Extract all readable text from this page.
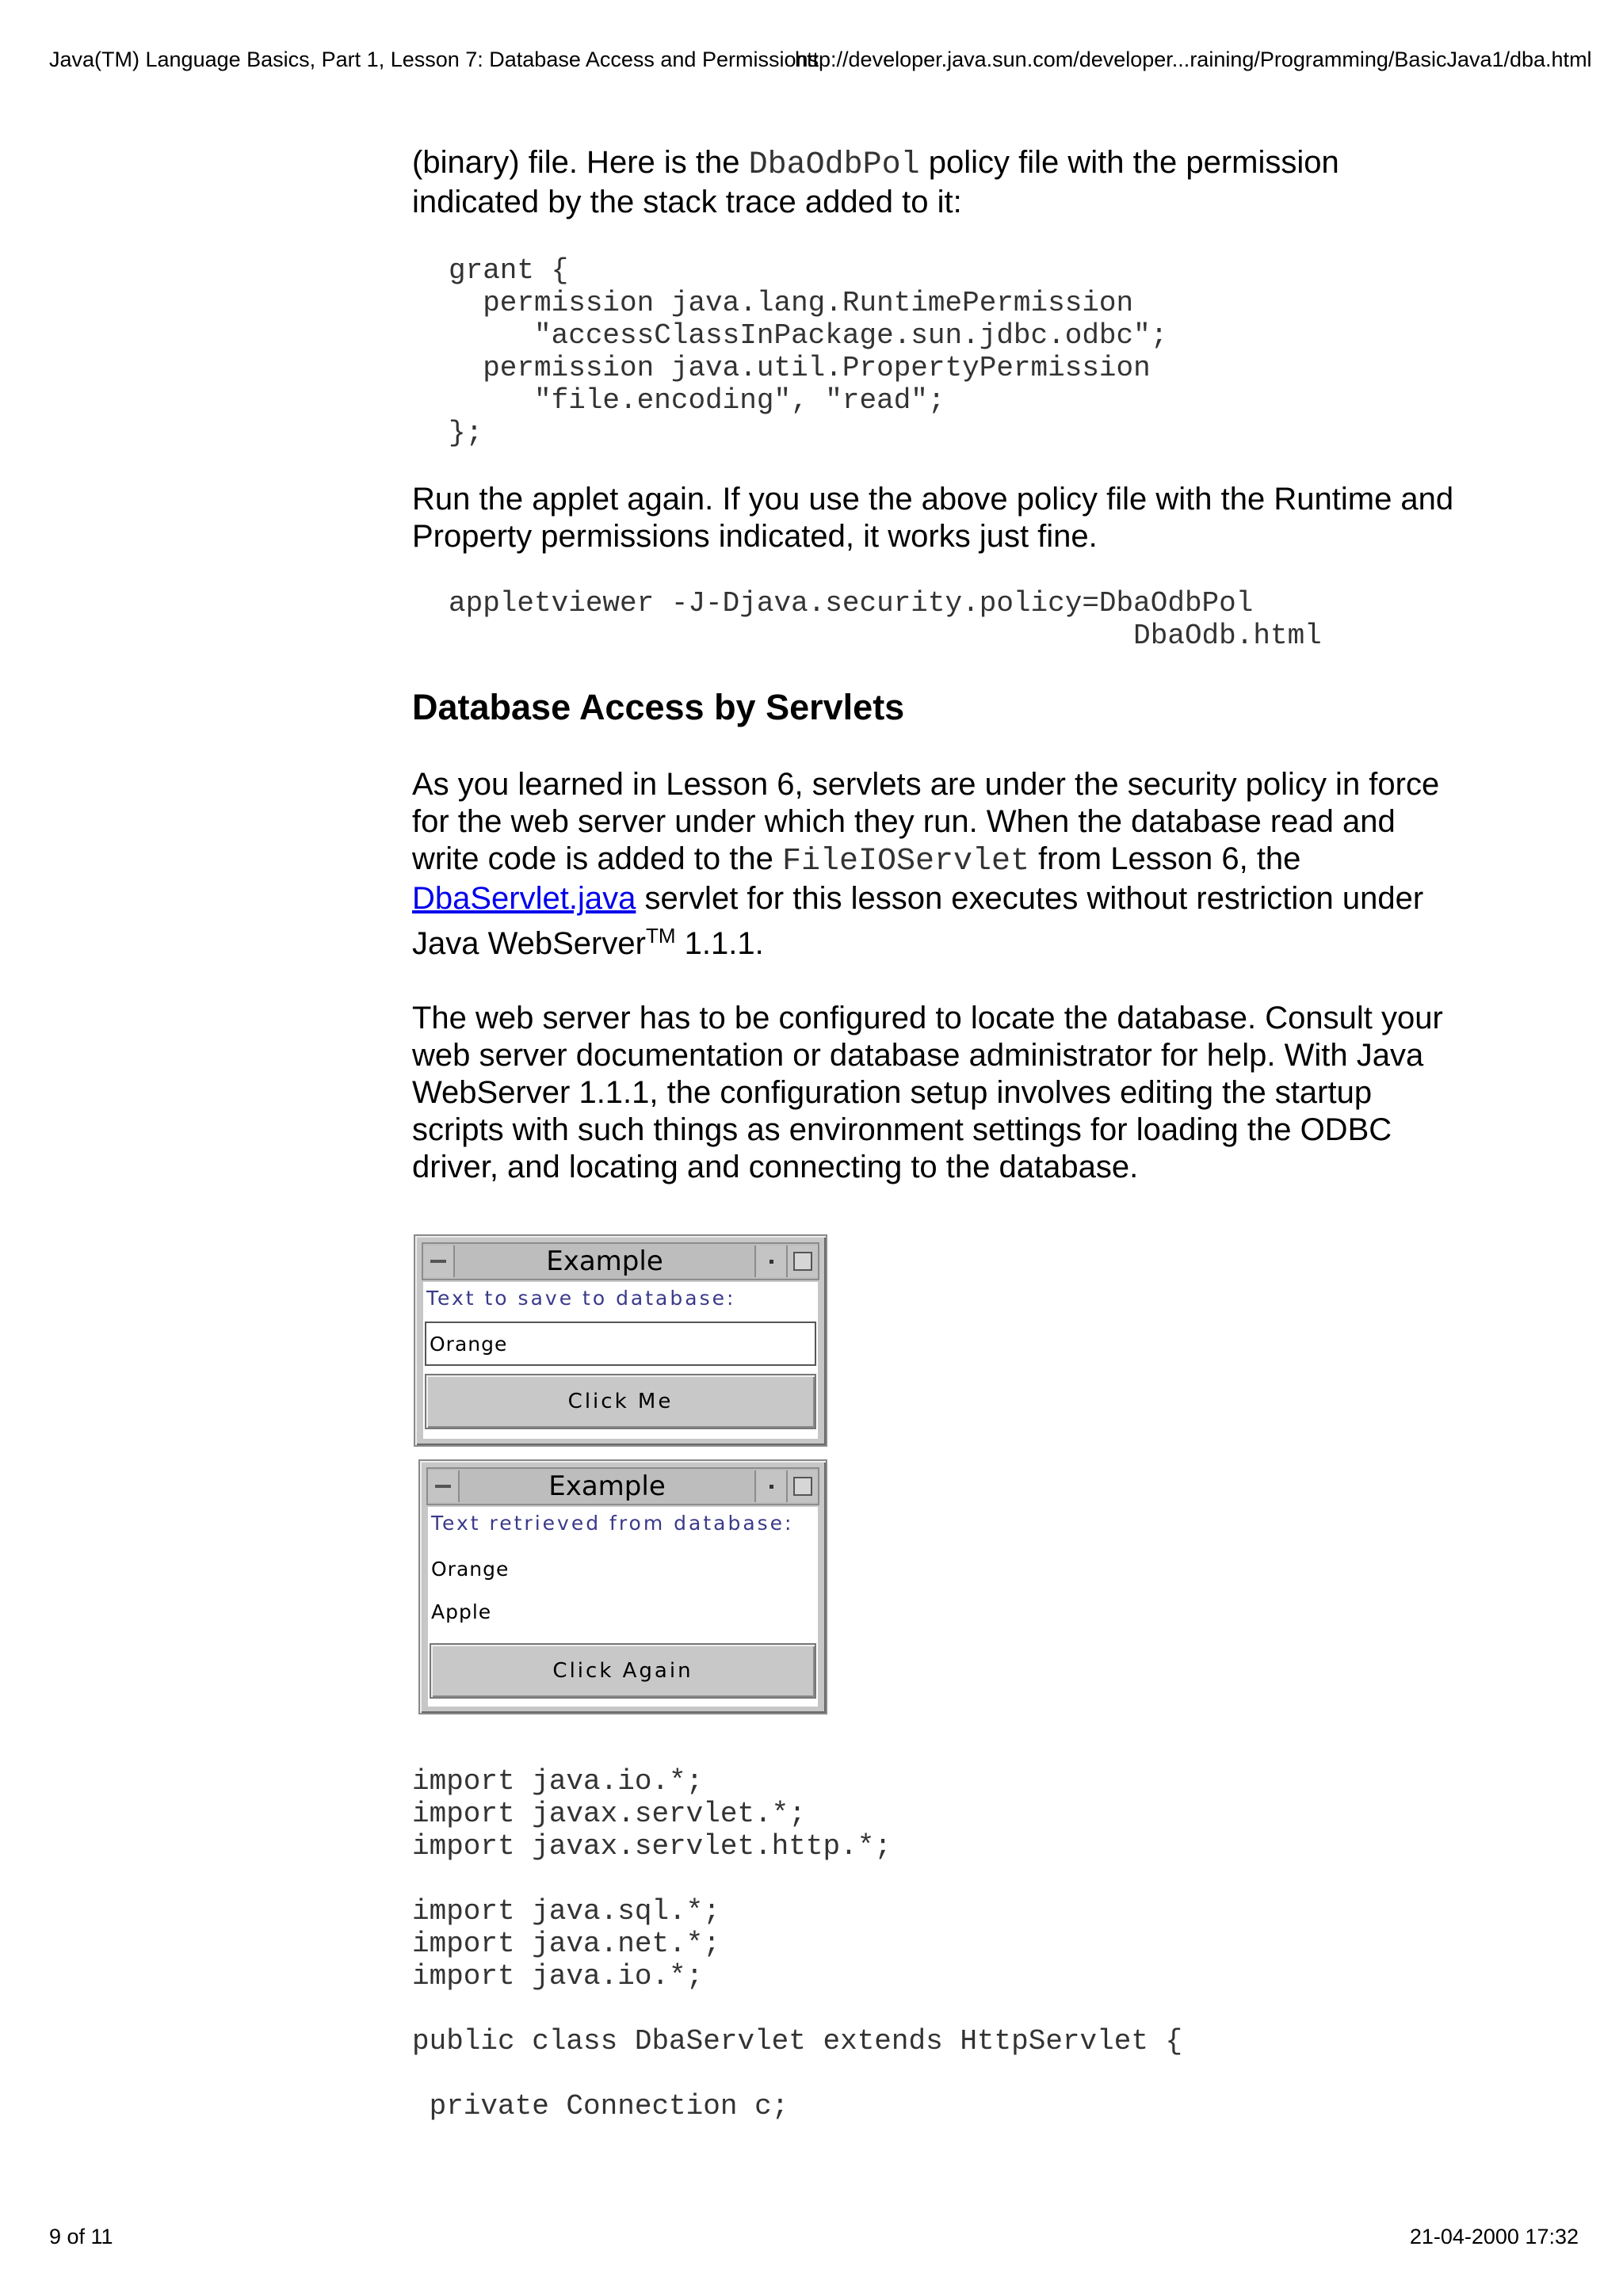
Java(TM) Language Basics, Part 1, Lesson 7: Database Access and Permissions
http://developer.java.sun.com/developer...raining/Programming/BasicJava1/dba.html

(binary) file. Here is the DbaOdbPol policy file with the permission
indicated by the stack trace added to it:

grant {
permission java.lang.RuntimePermission
"accessClassInPackage.sun.jdbc.odbc";
permission java.util.PropertyPermission
"file.encoding", "read";
};

Run the applet again. If you use the above policy file with the Runtime and
Property permissions indicated, it works just fine.

appletviewer -J-Djava.security.policy=DbaOdbPol
DbaOdb.html
Database Access by Servlets

As you learned in Lesson 6, servlets are under the security policy in force
for the web server under which they run. When the database read and
write code is added to the FileIOServlet from Lesson 6, the
DbaServlet.java servlet for this lesson executes without restriction under
Java WebServer™ 1.1.1.

The web server has to be configured to locate the database. Consult your
web server documentation or database administrator for help. With Java
WebServer 1.1.1, the configuration setup involves editing the startup
scripts with such things as environment settings for loading the ODBC
driver, and locating and connecting to the database.

Example
Text to save to database:
Orange
Click Me
Example
Text retrieved from database:
Orange
Apple
Click Again
import java.io.*;
import javax.servlet.*;
import javax.servlet.http.*;

import java.sql.*;
import java.net.*;
import java.io.*;

public class DbaServlet extends HttpServlet {

private Connection c;
9 of 11	21-04-2000 17:32
